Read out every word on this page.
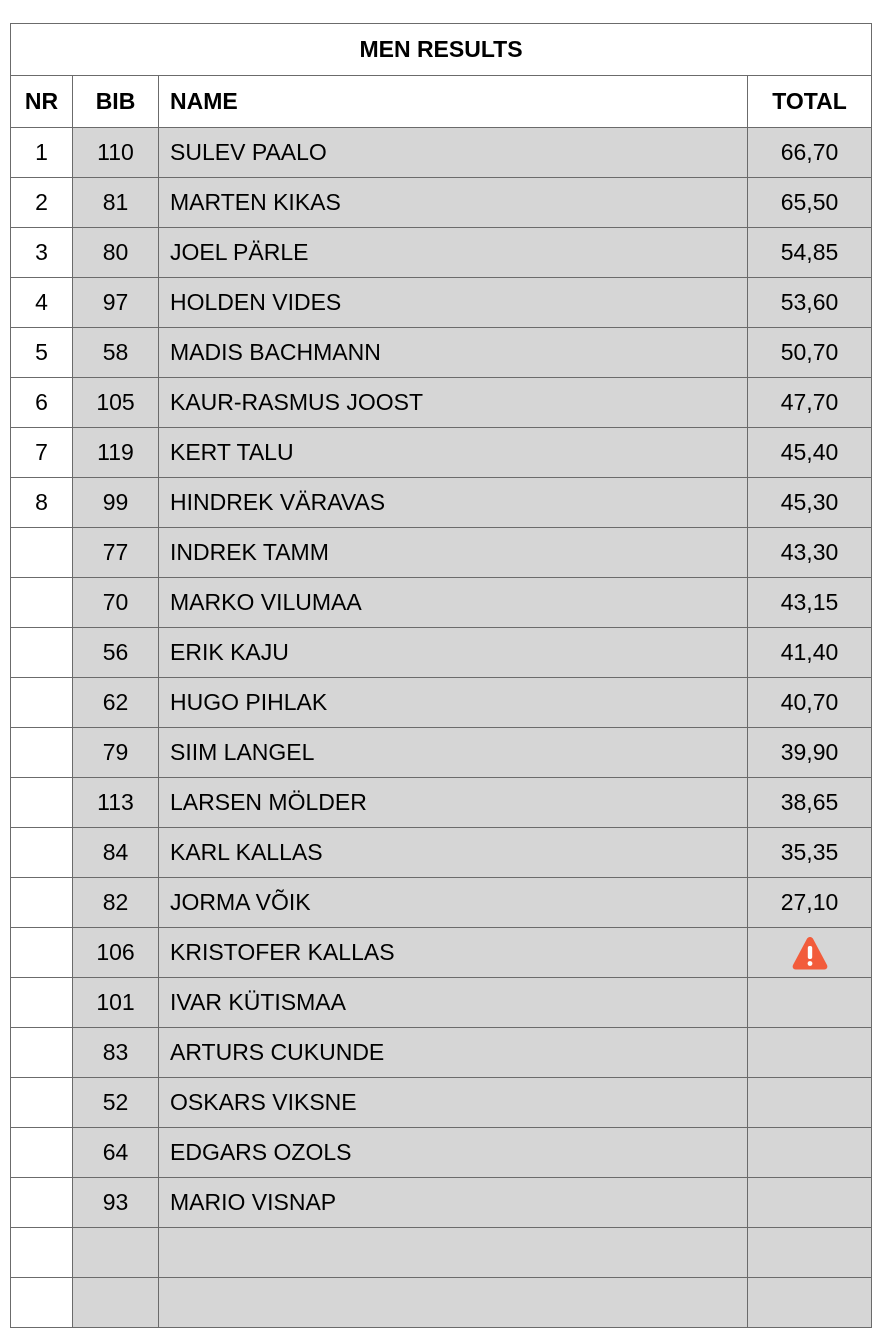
MEN RESULTS			
NR	BIB	NAME	TOTAL
1	110	SULEV PAALO	66,70
2	81	MARTEN KIKAS	65,50
3	80	JOEL PÄRLE	54,85
4	97	HOLDEN VIDES	53,60
5	58	MADIS BACHMANN	50,70
6	105	KAUR-RASMUS JOOST	47,70
7	119	KERT TALU	45,40
8	99	HINDREK VÄRAVAS	45,30
	77	INDREK TAMM	43,30
	70	MARKO VILUMAA	43,15
	56	ERIK KAJU	41,40
	62	HUGO PIHLAK	40,70
	79	SIIM LANGEL	39,90
	113	LARSEN MÖLDER	38,65
	84	KARL KALLAS	35,35
	82	JORMA VÕIK	27,10
	106	KRISTOFER KALLAS	
	101	IVAR KÜTISMAA	
	83	ARTURS CUKUNDE	
	52	OSKARS VIKSNE	
	64	EDGARS OZOLS	
	93	MARIO VISNAP	
